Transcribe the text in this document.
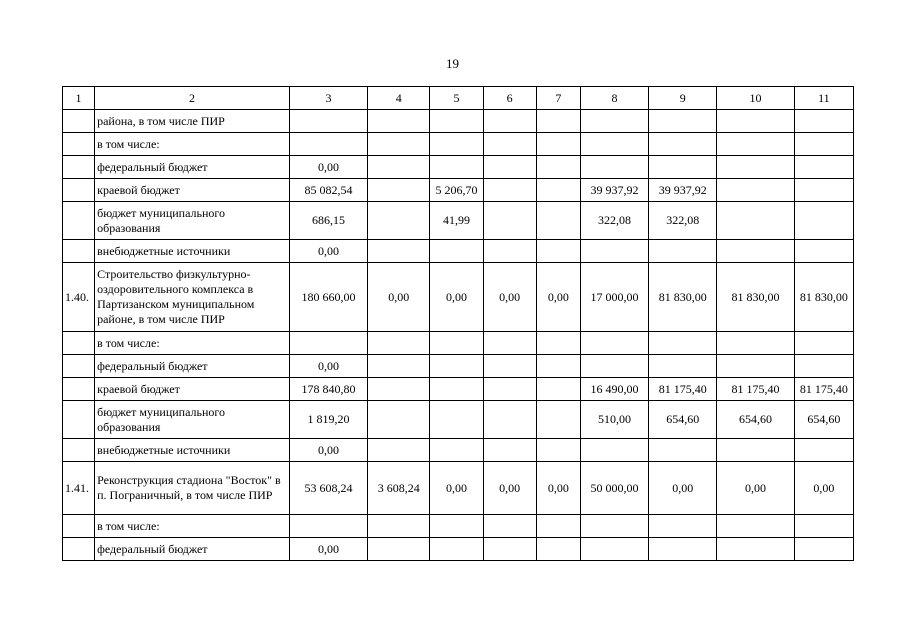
19
1	2	3	4	5	6	7	8	9	10	11
	района, в том числе ПИР									
	в том числе:									
	федеральный бюджет	0,00								
	краевой бюджет	85 082,54		5 206,70			39 937,92	39 937,92		
	бюджет муниципального образования	686,15		41,99			322,08	322,08		
	внебюджетные источники	0,00								
1.40.	Строительство физкультурно-оздоровительного комплекса в Партизанском муниципальном районе, в том числе ПИР	180 660,00	0,00	0,00	0,00	0,00	17 000,00	81 830,00	81 830,00	81 830,00
	в том числе:									
	федеральный бюджет	0,00								
	краевой бюджет	178 840,80					16 490,00	81 175,40	81 175,40	81 175,40
	бюджет муниципального образования	1 819,20					510,00	654,60	654,60	654,60
	внебюджетные источники	0,00								
1.41.	Реконструкция стадиона "Восток" в п. Пограничный, в том числе ПИР	53 608,24	3 608,24	0,00	0,00	0,00	50 000,00	0,00	0,00	0,00
	в том числе:									
	федеральный бюджет	0,00								
